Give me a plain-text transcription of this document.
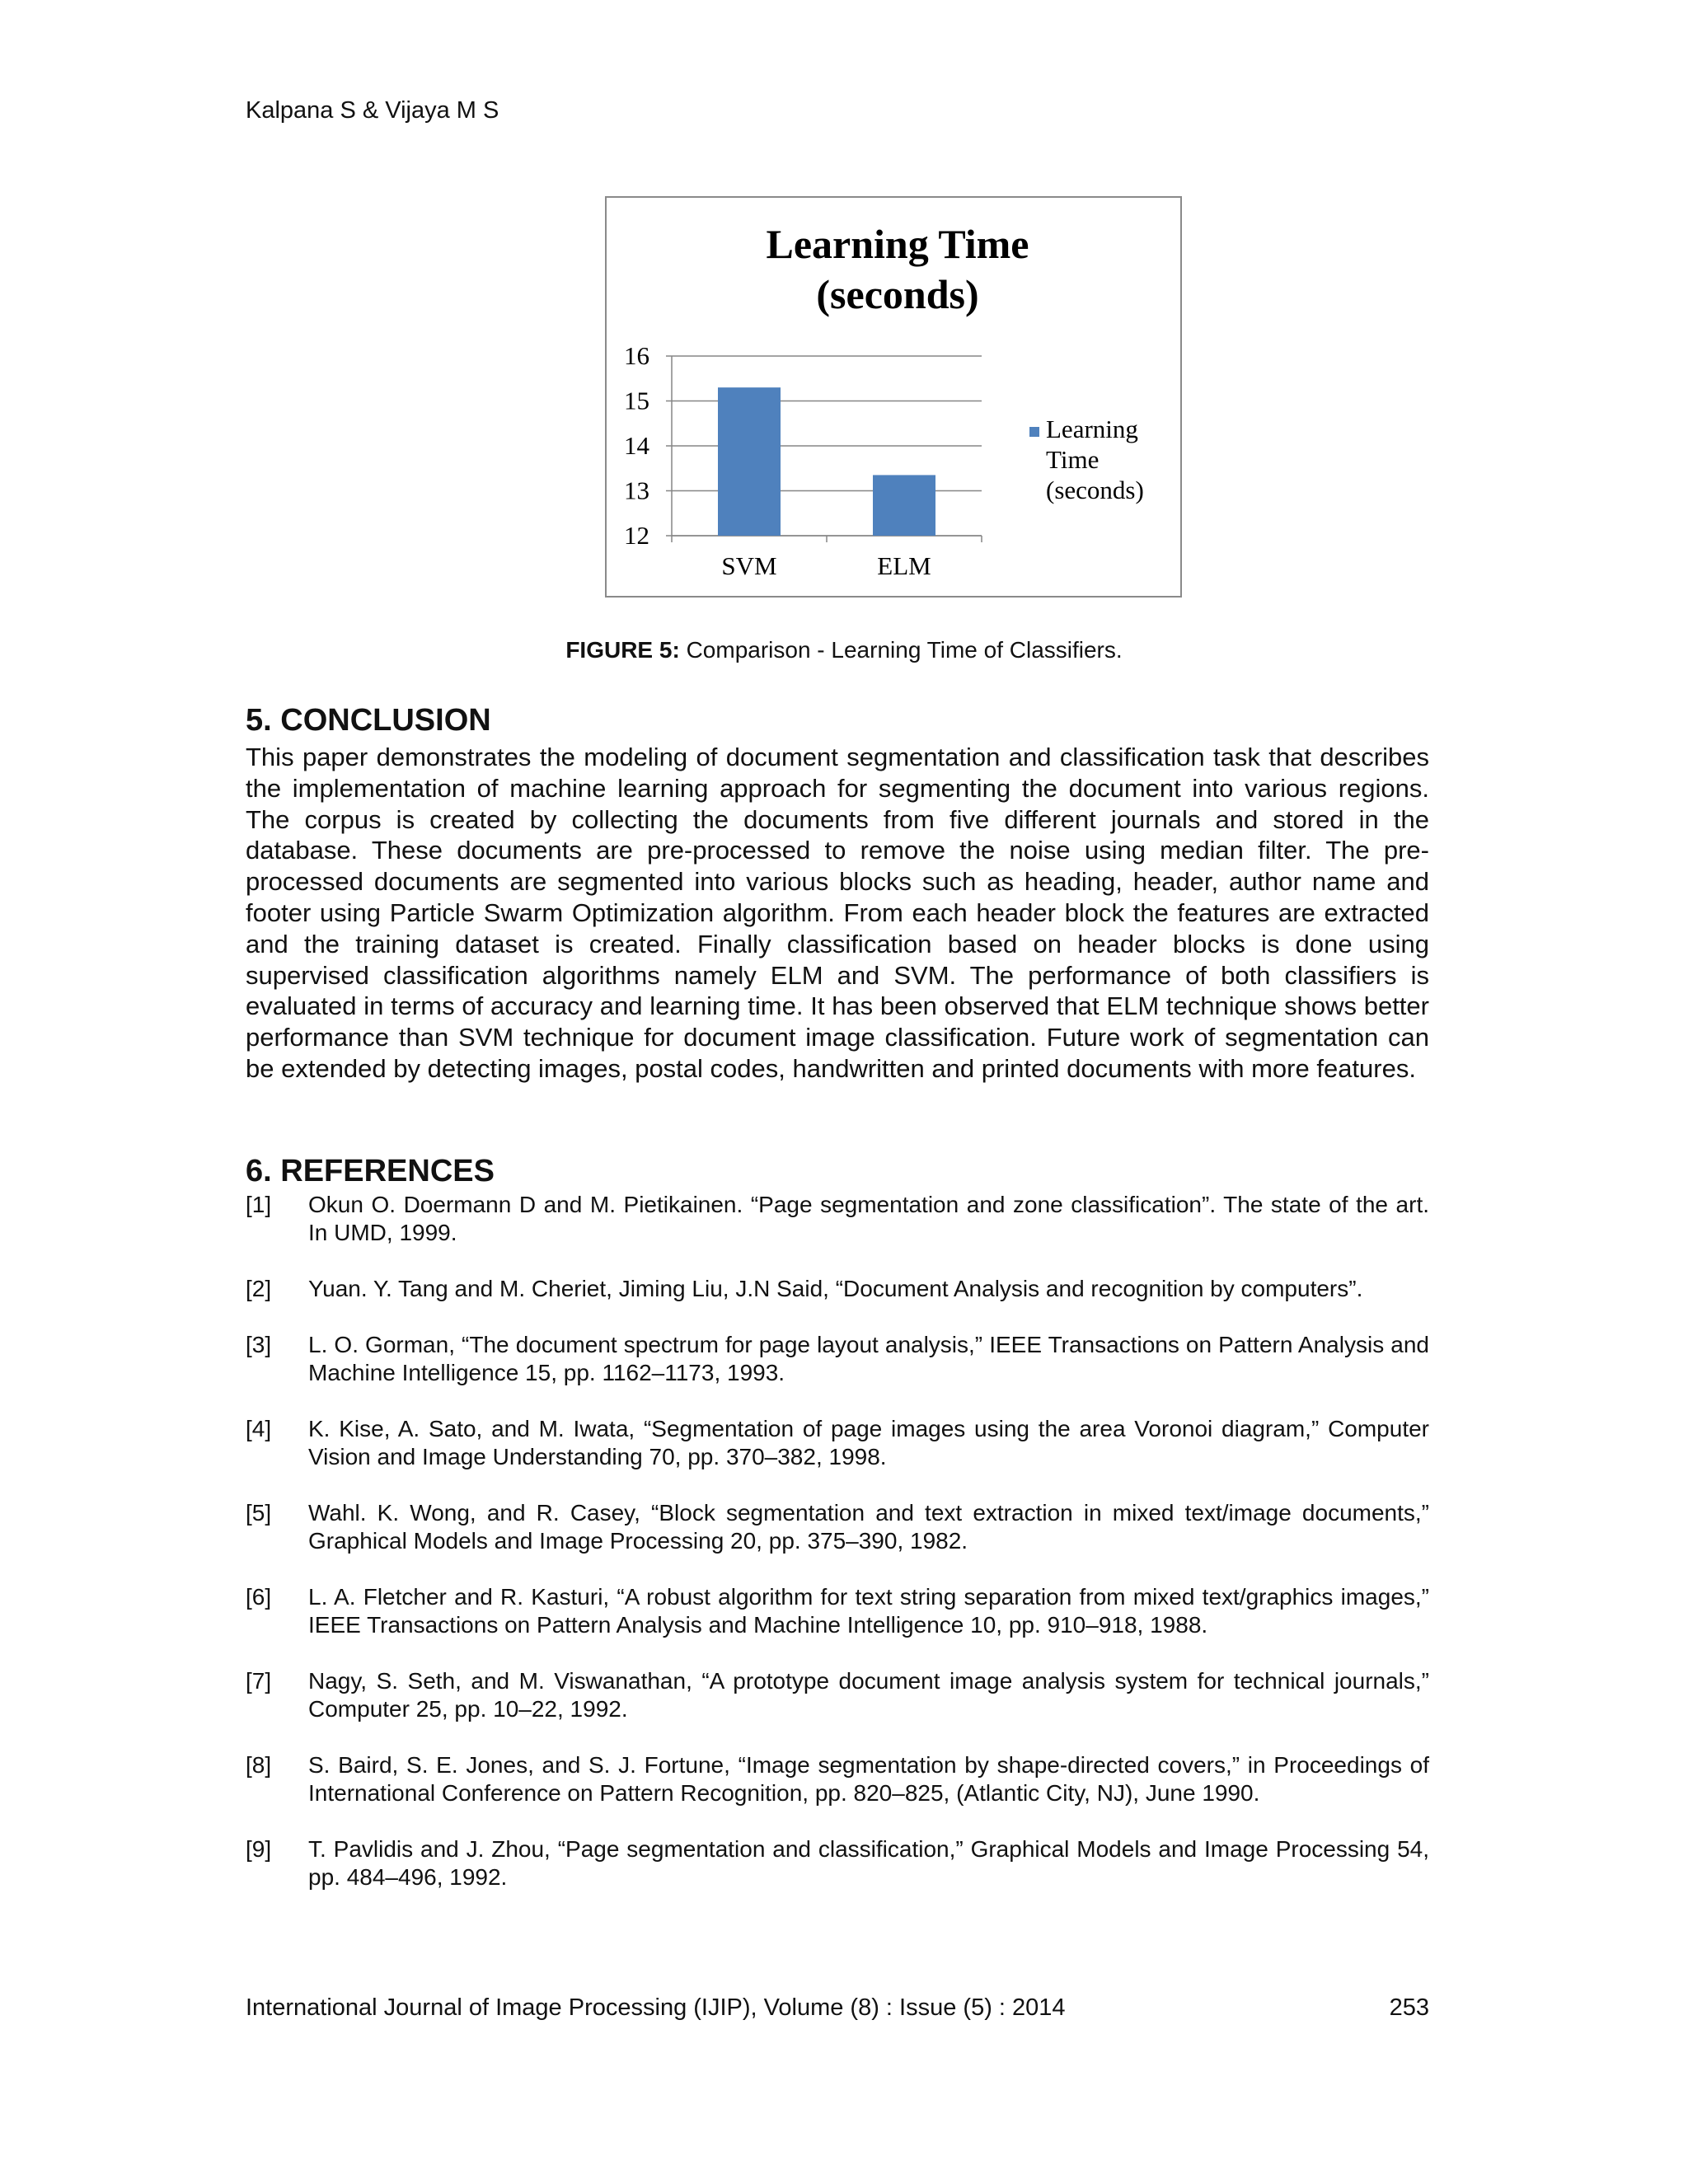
Kalpana S & Vijaya M S
Learning Time
(seconds)
16
15
14
13
12
SVM	ELM
Learning
Time
(seconds)
FIGURE 5: Comparison - Learning Time of Classifiers.
5. CONCLUSION
This paper demonstrates the modeling of document segmentation and classification task that describes the implementation of machine learning approach for segmenting the document into various regions. The corpus is created by collecting the documents from five different journals and stored in the database. These documents are pre-processed to remove the noise using median filter. The pre-processed documents are segmented into various blocks such as heading, header, author name and footer using Particle Swarm Optimization algorithm. From each header block the features are extracted and the training dataset is created. Finally classification based on header blocks is done using supervised classification algorithms namely ELM and SVM. The performance of both classifiers is evaluated in terms of accuracy and learning time. It has been observed that ELM technique shows better performance than SVM technique for document image classification. Future work of segmentation can be extended by detecting images, postal codes, handwritten and printed documents with more features.
6. REFERENCES
[1]	Okun O. Doermann D and M. Pietikainen. “Page segmentation and zone classification”. The state of the art. In UMD, 1999.
[2] Yuan. Y. Tang and M. Cheriet, Jiming Liu, J.N Said, “Document Analysis and recognition by computers”.
[3]	L. O. Gorman, “The document spectrum for page layout analysis,” IEEE Transactions on Pattern Analysis and Machine Intelligence 15, pp. 1162–1173, 1993.
[4]	K. Kise, A. Sato, and M. Iwata, “Segmentation of page images using the area Voronoi diagram,” Computer Vision and Image Understanding 70, pp. 370–382, 1998.
[5]	Wahl. K. Wong, and R. Casey, “Block segmentation and text extraction in mixed text/image documents,” Graphical Models and Image Processing 20, pp. 375–390, 1982.
[6]	L. A. Fletcher and R. Kasturi, “A robust algorithm for text string separation from mixed text/graphics images,” IEEE Transactions on Pattern Analysis and Machine Intelligence 10, pp. 910–918, 1988.
[7]	Nagy, S. Seth, and M. Viswanathan, “A prototype document image analysis system for technical journals,” Computer 25, pp. 10–22, 1992.
[8]	S. Baird, S. E. Jones, and S. J. Fortune, “Image segmentation by shape-directed covers,” in Proceedings of International Conference on Pattern Recognition, pp. 820–825, (Atlantic City, NJ), June 1990.
[9]	T. Pavlidis and J. Zhou, “Page segmentation and classification,” Graphical Models and Image Processing 54, pp. 484–496, 1992.
International Journal of Image Processing (IJIP), Volume (8) : Issue (5) : 2014	253
